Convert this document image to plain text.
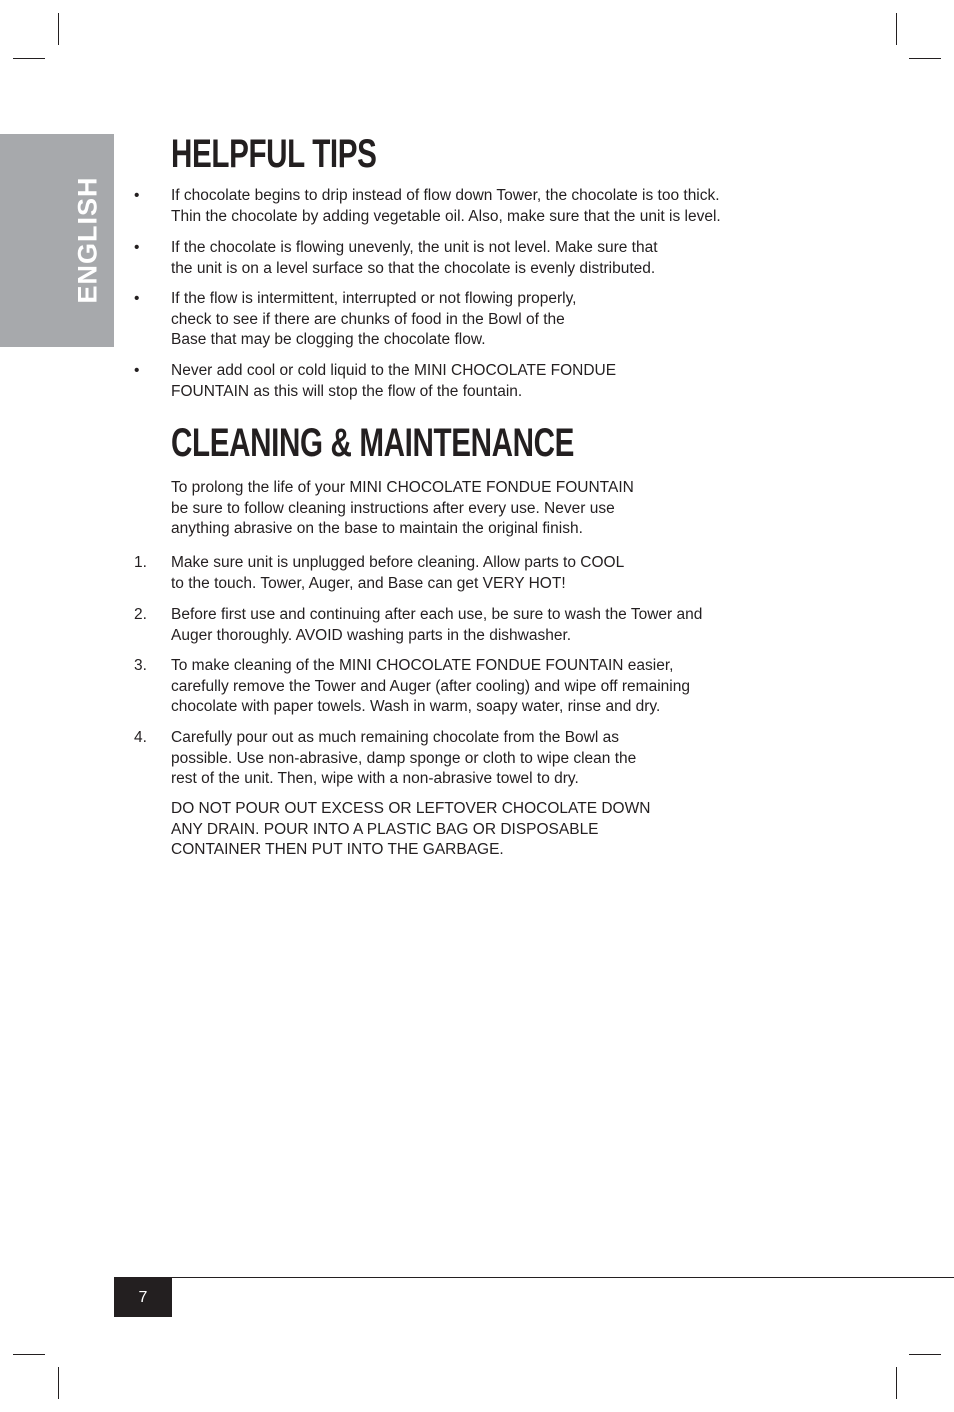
ENGLISH
HELPFUL TIPS
• If chocolate begins to drip instead of flow down Tower, the chocolate is too thick.
Thin the chocolate by adding vegetable oil. Also, make sure that the unit is level.
• If the chocolate is flowing unevenly, the unit is not level. Make sure that
the unit is on a level surface so that the chocolate is evenly distributed.
• If the flow is intermittent, interrupted or not flowing properly,
check to see if there are chunks of food in the Bowl of the
Base that may be clogging the chocolate flow.
• Never add cool or cold liquid to the MINI CHOCOLATE FONDUE
FOUNTAIN as this will stop the flow of the fountain.
CLEANING & MAINTENANCE
To prolong the life of your MINI CHOCOLATE FONDUE FOUNTAIN
be sure to follow cleaning instructions after every use. Never use
anything abrasive on the base to maintain the original finish.
1. Make sure unit is unplugged before cleaning. Allow parts to COOL
to the touch. Tower, Auger, and Base can get VERY HOT!
2. Before first use and continuing after each use, be sure to wash the Tower and
Auger thoroughly. AVOID washing parts in the dishwasher.
3. To make cleaning of the MINI CHOCOLATE FONDUE FOUNTAIN easier,
carefully remove the Tower and Auger (after cooling) and wipe off remaining
chocolate with paper towels. Wash in warm, soapy water, rinse and dry.
4. Carefully pour out as much remaining chocolate from the Bowl as
possible. Use non-abrasive, damp sponge or cloth to wipe clean the
rest of the unit. Then, wipe with a non-abrasive towel to dry.
DO NOT POUR OUT EXCESS OR LEFTOVER CHOCOLATE DOWN
ANY DRAIN. POUR INTO A PLASTIC BAG OR DISPOSABLE
CONTAINER THEN PUT INTO THE GARBAGE.
7
